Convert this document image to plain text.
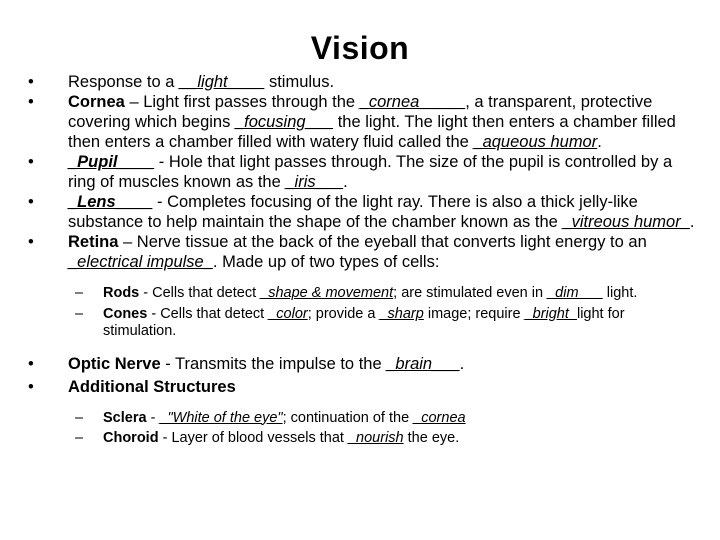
Vision
•	Response to a __light____ stimulus.
•	Cornea – Light first passes through the _cornea_____, a transparent, protective covering which begins _focusing___ the light. The light then enters a chamber filled then enters a chamber filled with watery fluid called the _aqueous humor.
•	_Pupil____ - Hole that light passes through. The size of the pupil is controlled by a ring of muscles known as the _iris___.
•	_Lens____ - Completes focusing of the light ray. There is also a thick jelly-like substance to help maintain the shape of the chamber known as the _vitreous humor_.
•	Retina – Nerve tissue at the back of the eyeball that converts light energy to an _electrical impulse_. Made up of two types of cells:
– Rods - Cells that detect _shape & movement; are stimulated even in _dim___ light.
– Cones - Cells that detect _color; provide a _sharp image; require _bright_light for stimulation.
•	Optic Nerve - Transmits the impulse to the _brain___.
•	Additional Structures
– Sclera - _"White of the eye"; continuation of the _cornea
– Choroid - Layer of blood vessels that _nourish the eye.
